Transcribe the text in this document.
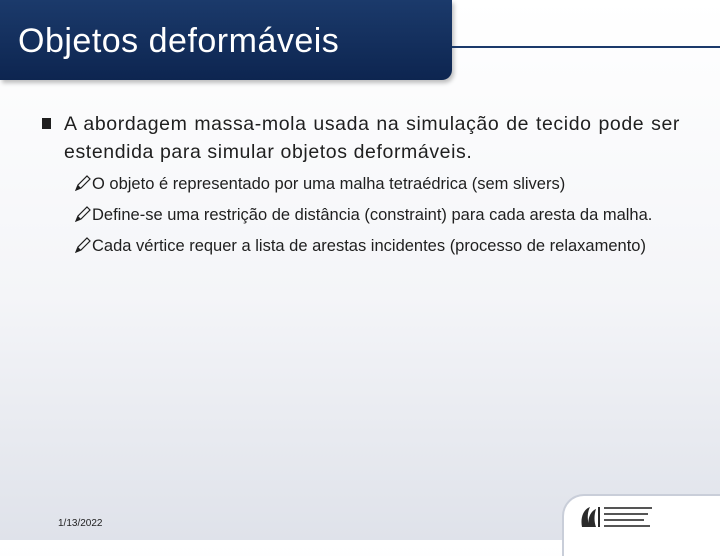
Objetos deformáveis
A abordagem massa-mola usada na simulação de tecido pode ser estendida para simular objetos deformáveis.
O objeto é representado por uma malha tetraédrica (sem slivers)
Define-se uma restrição de distância (constraint) para cada aresta da malha.
Cada vértice requer a lista de arestas incidentes (processo de relaxamento)
1/13/2022
